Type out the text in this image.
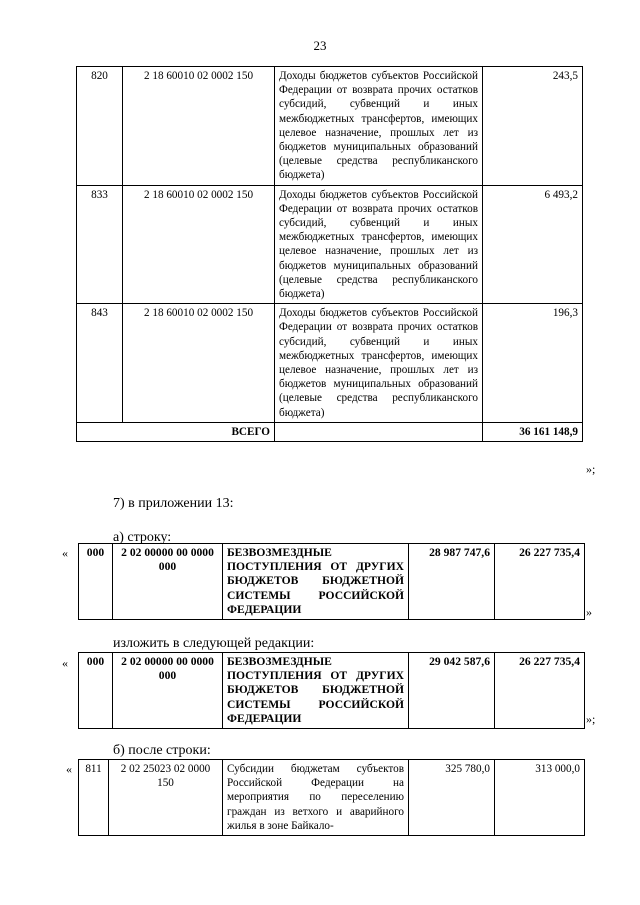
23
820	2 18 60010 02 0002 150	Доходы бюджетов субъектов Российской Федерации от возврата прочих остатков субсидий, субвенций и иных межбюджетных трансфертов, имеющих целевое назначение, прошлых лет из бюджетов муниципальных образований (целевые средства республиканского бюджета)	243,5
833	2 18 60010 02 0002 150	Доходы бюджетов субъектов Российской Федерации от возврата прочих остатков субсидий, субвенций и иных межбюджетных трансфертов, имеющих целевое назначение, прошлых лет из бюджетов муниципальных образований (целевые средства республиканского бюджета)	6 493,2
843	2 18 60010 02 0002 150	Доходы бюджетов субъектов Российской Федерации от возврата прочих остатков субсидий, субвенций и иных межбюджетных трансфертов, имеющих целевое назначение, прошлых лет из бюджетов муниципальных образований (целевые средства республиканского бюджета)	196,3
ВСЕГО			36 161 148,9
»;
7) в приложении 13:
а) строку:
« 000	2 02 00000 00 0000 000	БЕЗВОЗМЕЗДНЫЕ ПОСТУПЛЕНИЯ ОТ ДРУГИХ БЮДЖЕТОВ БЮДЖЕТНОЙ СИСТЕМЫ РОССИЙСКОЙ ФЕДЕРАЦИИ	28 987 747,6	26 227 735,4
»
изложить в следующей редакции:
« 000	2 02 00000 00 0000 000	БЕЗВОЗМЕЗДНЫЕ ПОСТУПЛЕНИЯ ОТ ДРУГИХ БЮДЖЕТОВ БЮДЖЕТНОЙ СИСТЕМЫ РОССИЙСКОЙ ФЕДЕРАЦИИ	29 042 587,6	26 227 735,4
»;
б) после строки:
« 811	2 02 25023 02 0000 150	Субсидии бюджетам субъектов Российской Федерации на мероприятия по переселению граждан из ветхого и аварийного жилья в зоне Байкало-	325 780,0	313 000,0
